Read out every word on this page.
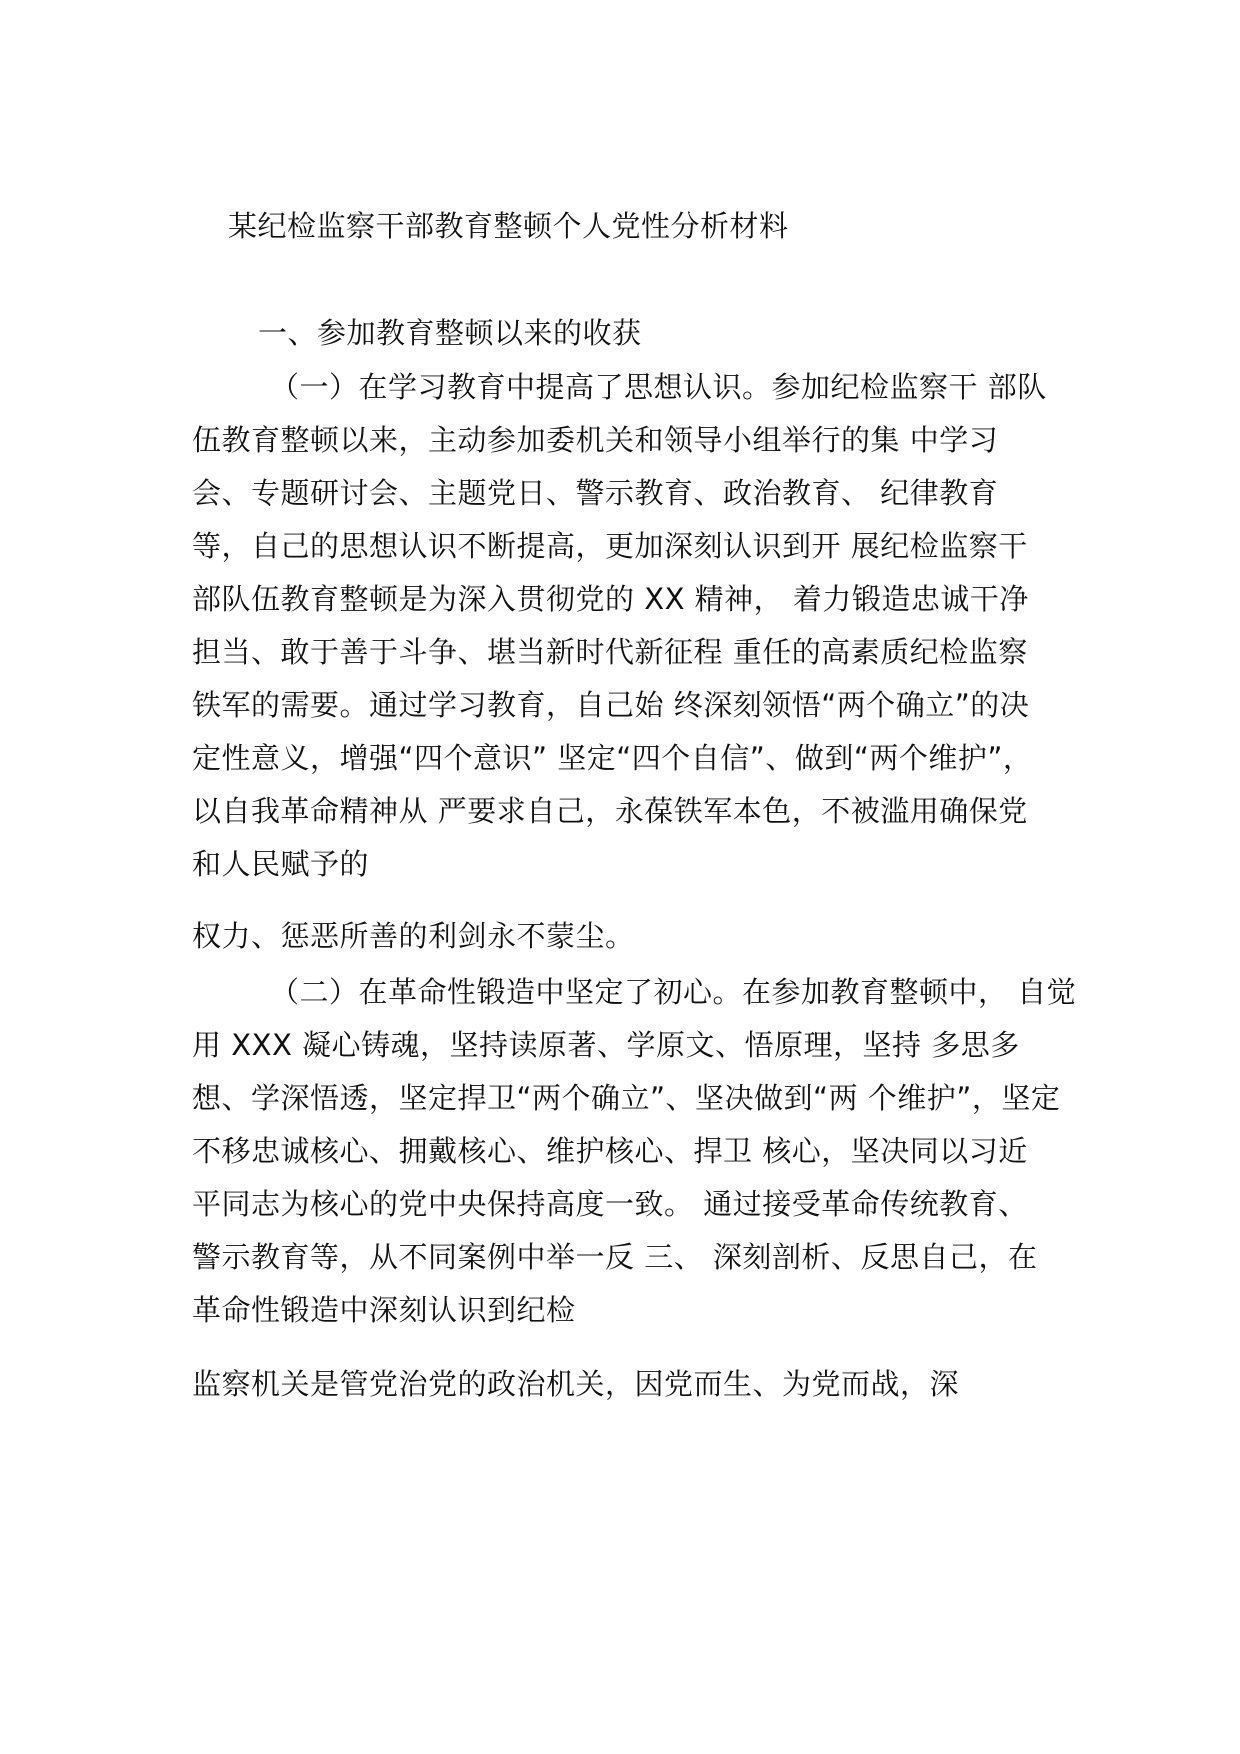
某纪检监察干部教育整顿个人党性分析材料
一、参加教育整顿以来的收获
（一）在学习教育中提高了思想认识。参加纪检监察干 部队
伍教育整顿以来，主动参加委机关和领导小组举行的集 中学习
会、专题研讨会、主题党日、警示教育、政治教育、 纪律教育
等，自己的思想认识不断提高，更加深刻认识到开 展纪检监察干
部队伍教育整顿是为深入贯彻党的 XX 精神， 着力锻造忠诚干净
担当、敢于善于斗争、堪当新时代新征程 重任的高素质纪检监察
铁军的需要。通过学习教育，自己始 终深刻领悟“两个确立”的决
定性意义，增强“四个意识” 坚定“四个自信”、做到“两个维护”，
以自我革命精神从 严要求自己，永葆铁军本色，不被滥用确保党
和人民赋予的
权力、惩恶所善的利剑永不蒙尘。
（二）在革命性锻造中坚定了初心。在参加教育整顿中， 自觉
用 XXX 凝心铸魂，坚持读原著、学原文、悟原理，坚持 多思多
想、学深悟透，坚定捍卫“两个确立”、坚决做到“两 个维护”，坚定
不移忠诚核心、拥戴核心、维护核心、捍卫 核心，坚决同以习近
平同志为核心的党中央保持高度一致。 通过接受革命传统教育、
警示教育等，从不同案例中举一反 三、 深刻剖析、反思自己，在
革命性锻造中深刻认识到纪检
监察机关是管党治党的政治机关，因党而生、为党而战，深
